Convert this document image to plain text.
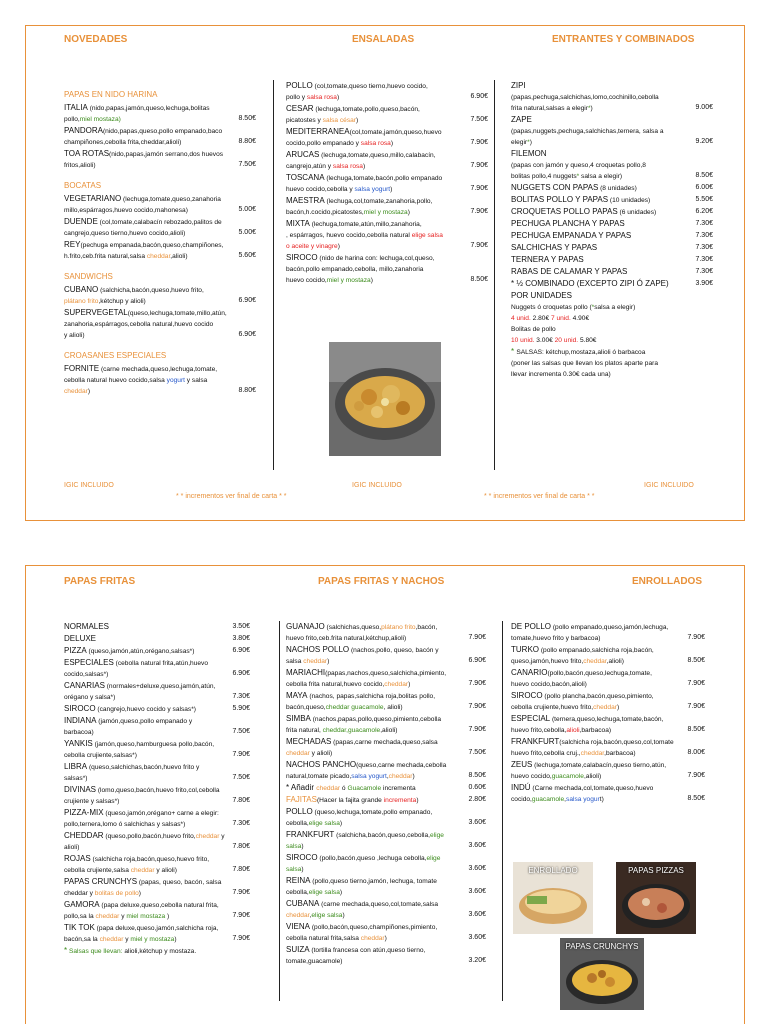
NOVEDADES	ENSALADAS	ENTRANTES Y COMBINADOS
PAPAS EN NIDO HARINA
ITALIA (nido,papas,jamón,queso,lechuga,bolitas
pollo,miel mostaza)	8.50€
PANDORA(nido,papas,queso,pollo empanado,baco
champiñones,cebolla frita,cheddar,alioli)	8.80€
TOA ROTAS(nido,papas,jamón serrano,dos huevos
fritos,alioli)	7.50€
BOCATAS
VEGETARIANO (lechuga,tomate,queso,zanahoria
millo,espárragos,huevo cocido,mahonesa)	5.00€
DUENDE (col,tomate,calabacín rebozado,palitos de
cangrejo,queso tierno,huevo cocido,alioli)	5.00€
REY(pechuga empanada,bacón,queso,champiñones,
h.frito,ceb.frita natural,salsa cheddar,alioli)	5.60€
SANDWICHS
CUBANO (salchicha,bacón,queso,huevo frito,
plátano frito,kétchup y alioli)	6.90€
SUPERVEGETAL(queso,lechuga,tomate,millo,atún,
zanahoria,espárragos,cebolla natural,huevo cocido
y alioli)	6.90€
CROASANES ESPECIALES
FORNITE (carne mechada,queso,lechuga,tomate,
cebolla natural huevo cocido,salsa yogurt y salsa
cheddar)	8.80€
POLLO (col,tomate,queso tierno,huevo cocido,
pollo y salsa rosa)	6.90€
CESAR (lechuga,tomate,pollo,queso,bacón,
picatostes y salsa césar)	7.50€
MEDITERRANEA(col,tomate,jamón,queso,huevo
cocido,pollo empanado y salsa rosa)	7.90€
ARUCAS (lechuga,tomate,queso,millo,calabacín,
cangrejo,atún y salsa rosa)	7.90€
TOSCANA (lechuga,tomate,bacón,pollo empanado
huevo cocido,cebolla y salsa yogurt)	7.90€
MAESTRA (lechuga,col,tomate,zanahoria,pollo,
bacón,h.cocido,picatostes,miel y mostaza)	7.90€
MIXTA (lechuga,tomate,atún,millo,zanahoria,
, espárragos, huevo cocido,cebolla natural elige salsa
o aceite y vinagre)	7.90€
SIROCO (nido de harina con: lechuga,col,queso,
bacón,pollo empanado,cebolla, millo,zanahoria
huevo cocido,miel y mostaza)	8.50€
ZIPI
(papas,pechuga,salchichas,lomo,cochinillo,cebolla
frita natural,salsas a elegir*)	9.00€
ZAPE
(papas,nuggets,pechuga,salchichas,ternera, salsa a
elegir*)	9.20€
FILEMON
(papas con jamón y queso,4 croquetas pollo,8
bolitas pollo,4 nuggets* salsa a elegir)	8.50€
NUGGETS CON PAPAS (8 unidades)	6.00€
BOLITAS POLLO Y PAPAS (10 unidades)	5.50€
CROQUETAS POLLO PAPAS (6 unidades)	6.20€
PECHUGA PLANCHA Y PAPAS	7.30€
PECHUGA EMPANADA Y PAPAS	7.30€
SALCHICHAS Y PAPAS	7.30€
TERNERA Y PAPAS	7.30€
RABAS DE CALAMAR Y PAPAS	7.30€
* ½ COMBINADO (EXCEPTO ZIPI Ó ZAPE)	3.90€
POR UNIDADES
Nuggets ó croquetas pollo (*salsa a elegir)
4 unid. 2.80€ 7 unid. 4.90€
Bolitas de pollo
10 unid. 3.00€ 20 unid. 5.80€
* SALSAS: kétchup,mostaza,alioli ó barbacoa
(poner las salsas que llevan los platos aparte para
llevar incrementa 0.30€ cada una)
IGIC INCLUIDO
* * incrementos ver final de carta * *
IGIC INCLUIDO
* * incrementos ver final de carta * *
IGIC INCLUIDO
PAPAS FRITAS	PAPAS FRITAS Y NACHOS	ENROLLADOS
NORMALES	3.50€
DELUXE	3.80€
PIZZA (queso,jamón,atún,orégano,salsas*)	6.90€
ESPECIALES (cebolla natural frita,atún,huevo
cocido,salsas*)	6.90€
CANARIAS (normales+deluxe,queso,jamón,atún,
orégano y salsa*)	7.30€
SIROCO (cangrejo,huevo cocido y salsas*)	5.90€
INDIANA (jamón,queso,pollo empanado y
barbacoa)	7.50€
YANKIS (jamón,queso,hamburguesa pollo,bacón,
cebolla crujiente,salsas*)	7.90€
LIBRA (queso,salchichas,bacón,huevo frito y
salsas*)	7.50€
DIVINAS (lomo,queso,bacón,huevo frito,col,cebolla
crujiente y salsas*)	7.80€
PIZZA-MIX (queso,jamón,orégano+ carne a elegir:
pollo,ternera,lomo ó salchichas y salsas*)	7.30€
CHEDDAR (queso,pollo,bacón,huevo frito,cheddar y
alioli)	7.80€
ROJAS (salchicha roja,bacón,queso,huevo frito,
cebolla crujiente,salsa cheddar y alioli)	7.80€
PAPAS CRUNCHYS (papas, queso, bacón, salsa
cheddar y bolitas de pollo)	7.90€
GAMORA (papa deluxe,queso,cebolla natural frita,
pollo,sa la cheddar y miel mostaza )	7.90€
TIK TOK (papa deluxe,queso,jamón,salchicha roja,
bacón,sa la cheddar y miel y mostaza)	7.90€
* Salsas que llevan: alioli,kétchup y mostaza.
GUANAJO (salchichas,queso,plátano frito,bacón,
huevo frito,ceb.frita natural,kétchup,alioli)	7.90€
NACHOS POLLO (nachos,pollo, queso, bacón y
salsa cheddar)	6.90€
MARIACHI(papas,nachos,queso,salchicha,pimiento,
cebolla frita natural,huevo cocido,cheddar)	7.90€
MAYA (nachos, papas,salchicha roja,bolitas pollo,
bacón,queso,cheddar guacamole, alioli)	7.90€
SIMBA (nachos,papas,pollo,queso,pimiento,cebolla
frita natural, cheddar,guacamole,alioli)	7.90€
MECHADAS (papas,carne mechada,queso,salsa
cheddar y alioli)	7.50€
NACHOS PANCHO(queso,carne mechada,cebolla
natural,tomate picado,salsa yogurt,cheddar)	8.50€
* Añadir cheddar ó Guacamole incrementa	0.60€
FAJITAS(Hacer la fajita grande incrementa)	2.80€
POLLO (queso,lechuga,tomate,pollo empanado,
cebolla,elige salsa)	3.60€
FRANKFURT (salchicha,bacón,queso,cebolla,elige
salsa)	3.60€
SIROCO (pollo,bacón,queso ,lechuga cebolla,elige
salsa)	3.60€
REINA (pollo,queso tierno,jamón, lechuga, tomate
cebolla,elige salsa)	3.60€
CUBANA (carne mechada,queso,col,tomate,salsa
cheddar,elige salsa)	3.60€
VIENA (pollo,bacón,queso,champiñones,pimiento,
cebolla natural frita,salsa cheddar)	3.60€
SUIZA (tortilla francesa con atún,queso tierno,
tomate,guacamole)	3.20€
DE POLLO (pollo empanado,queso,jamón,lechuga,
tomate,huevo frito y barbacoa)	7.90€
TURKO (pollo empanado,salchicha roja,bacón,
queso,jamón,huevo frito,cheddar,alioli)	8.50€
CANARIO(pollo,bacón,queso,lechuga,tomate,
huevo cocido,bacón,alioli)	7.90€
SIROCO (pollo plancha,bacón,queso,pimiento,
cebolla crujiente,huevo frito,cheddar)	7.90€
ESPECIAL (ternera,queso,lechuga,tomate,bacón,
huevo frito,cebolla,alioli,barbacoa)	8.50€
FRANKFURT(salchicha roja,bacón,queso,col,tomate
huevo frito,cebolla cruj.,cheddar,barbacoa)	8.00€
ZEUS (lechuga,tomate,calabacín,queso tierno,atún,
huevo cocido,guacamole,alioli)	7.90€
INDÚ (Carne mechada,col,tomate,queso,huevo
cocido,guacamole,salsa yogurt)	8.50€
ENROLLADO	PAPAS PIZZAS
PAPAS CRUNCHYS
